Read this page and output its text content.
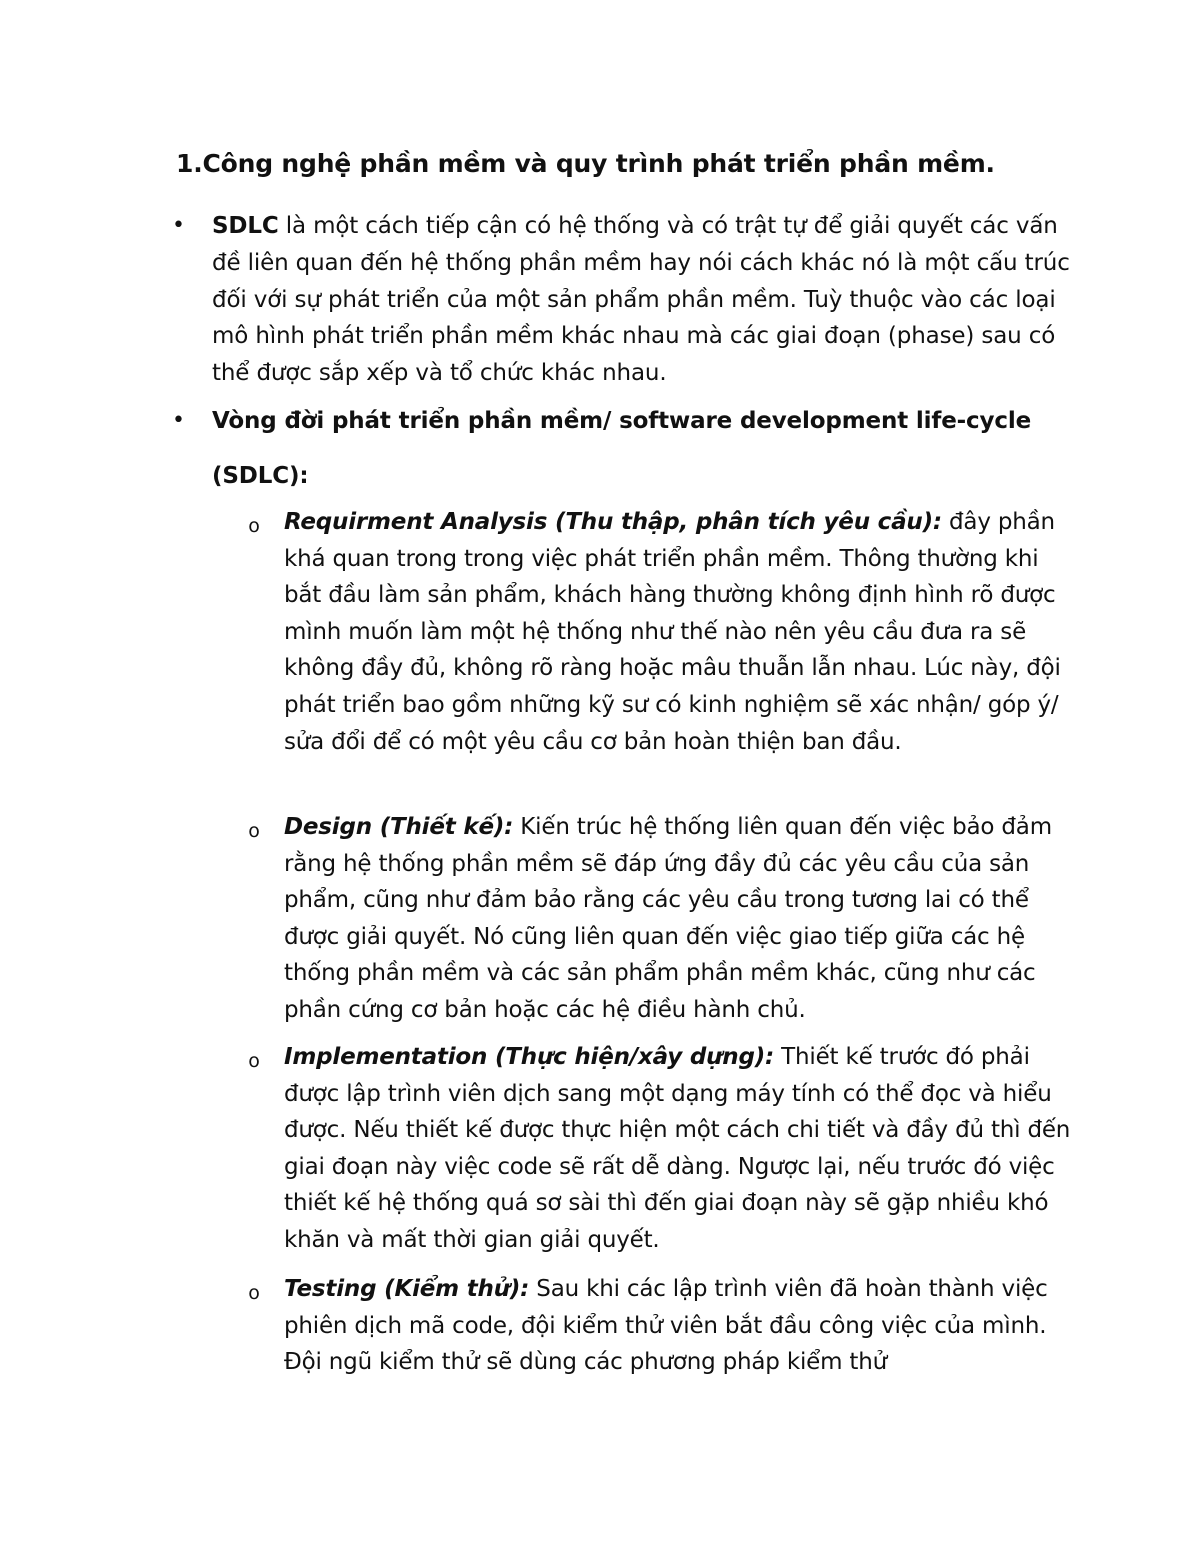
1.Công nghệ phần mềm và quy trình phát triển phần mềm.
• SDLC là một cách tiếp cận có hệ thống và có trật tự để giải quyết các vấn đề liên quan đến hệ thống phần mềm hay nói cách khác nó là một cấu trúc đối với sự phát triển của một sản phẩm phần mềm. Tuỳ thuộc vào các loại mô hình phát triển phần mềm khác nhau mà các giai đoạn (phase) sau có thể được sắp xếp và tổ chức khác nhau.
• Vòng đời phát triển phần mềm/ software development life-cycle
(SDLC):
o Requirment Analysis (Thu thập, phân tích yêu cầu): đây phần khá quan trong trong việc phát triển phần mềm. Thông thường khi bắt đầu làm sản phẩm, khách hàng thường không định hình rõ được mình muốn làm một hệ thống như thế nào nên yêu cầu đưa ra sẽ không đầy đủ, không rõ ràng hoặc mâu thuẫn lẫn nhau. Lúc này, đội phát triển bao gồm những kỹ sư có kinh nghiệm sẽ xác nhận/ góp ý/ sửa đổi để có một yêu cầu cơ bản hoàn thiện ban đầu.
o Design (Thiết kế): Kiến trúc hệ thống liên quan đến việc bảo đảm rằng hệ thống phần mềm sẽ đáp ứng đầy đủ các yêu cầu của sản phẩm, cũng như đảm bảo rằng các yêu cầu trong tương lai có thể được giải quyết. Nó cũng liên quan đến việc giao tiếp giữa các hệ thống phần mềm và các sản phẩm phần mềm khác, cũng như các phần cứng cơ bản hoặc các hệ điều hành chủ.
o Implementation (Thực hiện/xây dựng): Thiết kế trước đó phải được lập trình viên dịch sang một dạng máy tính có thể đọc và hiểu được. Nếu thiết kế được thực hiện một cách chi tiết và đầy đủ thì đến giai đoạn này việc code sẽ rất dễ dàng. Ngược lại, nếu trước đó việc thiết kế hệ thống quá sơ sài thì đến giai đoạn này sẽ gặp nhiều khó khăn và mất thời gian giải quyết.
o Testing (Kiểm thử): Sau khi các lập trình viên đã hoàn thành việc phiên dịch mã code, đội kiểm thử viên bắt đầu công việc của mình. Đội ngũ kiểm thử sẽ dùng các phương pháp kiểm thử
